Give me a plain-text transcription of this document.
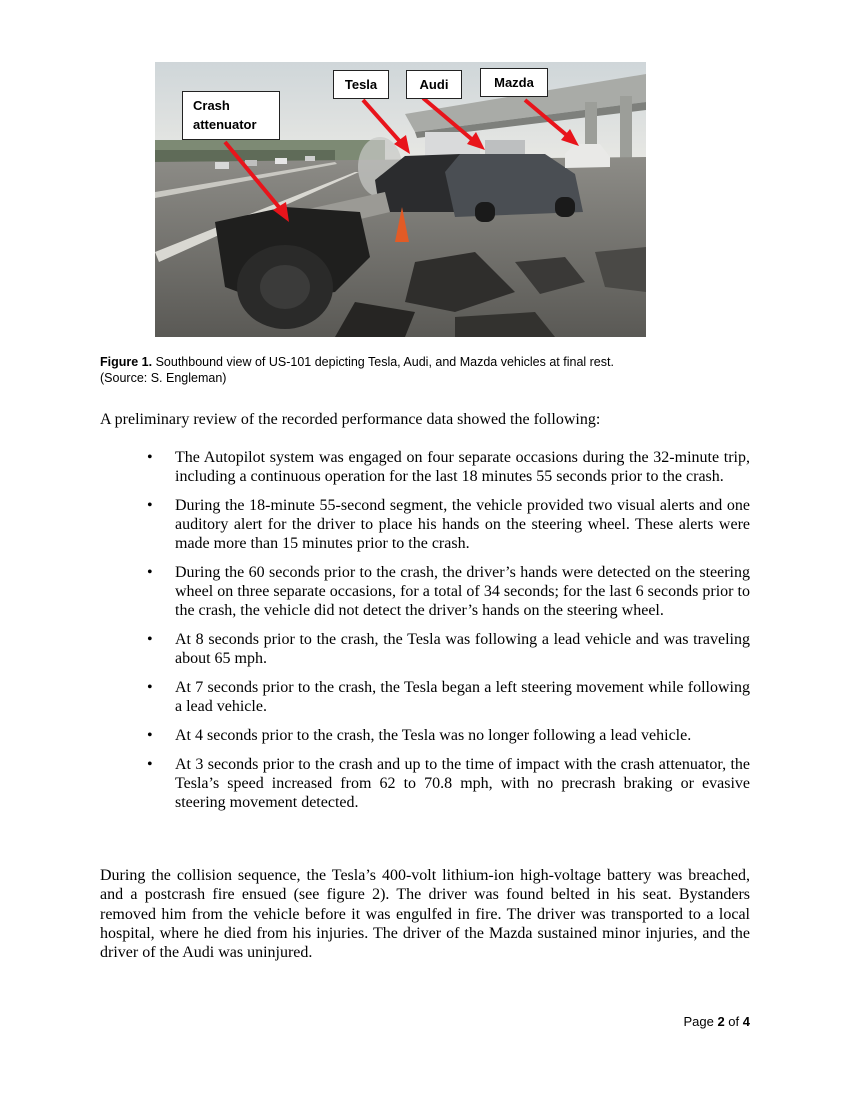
Crash attenuator
Tesla	Audi	Mazda
Figure 1. Southbound view of US-101 depicting Tesla, Audi, and Mazda vehicles at final rest.
(Source: S. Engleman)
A preliminary review of the recorded performance data showed the following:
• The Autopilot system was engaged on four separate occasions during the 32-minute trip, including a continuous operation for the last 18 minutes 55 seconds prior to the crash.
• During the 18-minute 55-second segment, the vehicle provided two visual alerts and one auditory alert for the driver to place his hands on the steering wheel. These alerts were made more than 15 minutes prior to the crash.
• During the 60 seconds prior to the crash, the driver’s hands were detected on the steering wheel on three separate occasions, for a total of 34 seconds; for the last 6 seconds prior to the crash, the vehicle did not detect the driver’s hands on the steering wheel.
• At 8 seconds prior to the crash, the Tesla was following a lead vehicle and was traveling about 65 mph.
• At 7 seconds prior to the crash, the Tesla began a left steering movement while following a lead vehicle.
• At 4 seconds prior to the crash, the Tesla was no longer following a lead vehicle.
• At 3 seconds prior to the crash and up to the time of impact with the crash attenuator, the Tesla’s speed increased from 62 to 70.8 mph, with no precrash braking or evasive steering movement detected.
During the collision sequence, the Tesla’s 400-volt lithium-ion high-voltage battery was breached, and a postcrash fire ensued (see figure 2). The driver was found belted in his seat. Bystanders removed him from the vehicle before it was engulfed in fire. The driver was transported to a local hospital, where he died from his injuries. The driver of the Mazda sustained minor injuries, and the driver of the Audi was uninjured.
Page 2 of 4
